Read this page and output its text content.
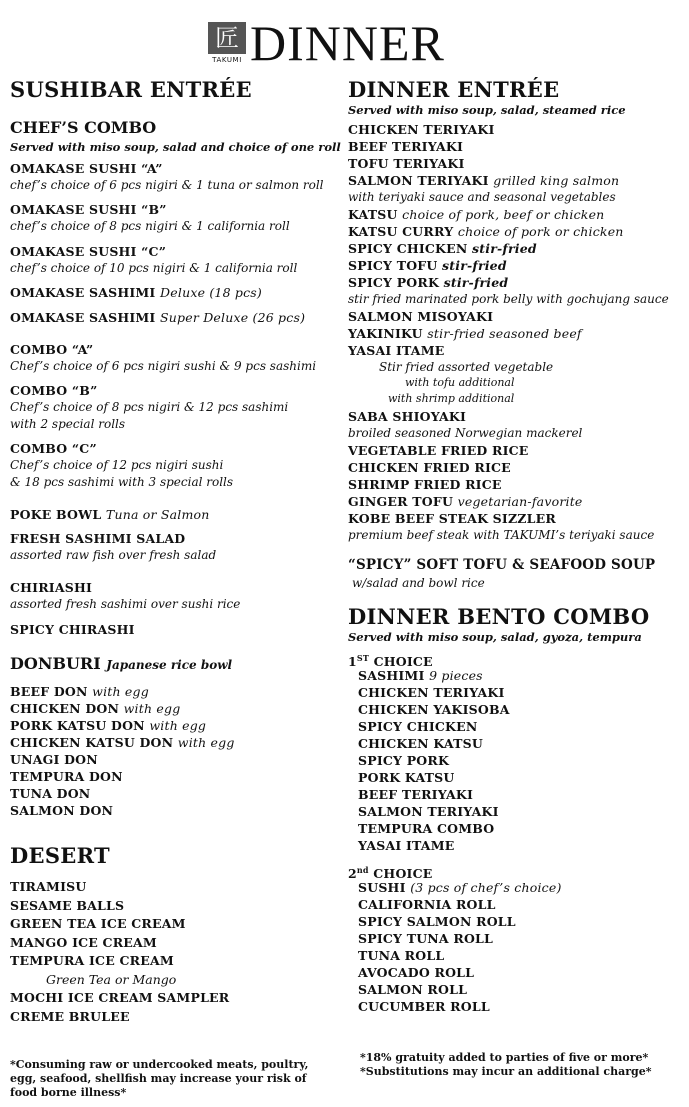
匠
TAKUMI DINNER
SUSHIBAR ENTRÉE
CHEF’S COMBO
Served with miso soup, salad and choice of one roll
OMAKASE SUSHI “A”
chef’s choice of 6 pcs nigiri & 1 tuna or salmon roll
OMAKASE SUSHI “B”
chef’s choice of 8 pcs nigiri & 1 california roll
OMAKASE SUSHI “C”
chef’s choice of 10 pcs nigiri & 1 california roll
OMAKASE SASHIMI Deluxe (18 pcs)
OMAKASE SASHIMI Super Deluxe (26 pcs)
COMBO “A”
Chef’s choice of 6 pcs nigiri sushi & 9 pcs sashimi
COMBO “B”
Chef’s choice of 8 pcs nigiri & 12 pcs sashimi
with 2 special rolls
COMBO “C”
Chef’s choice of 12 pcs nigiri sushi
& 18 pcs sashimi with 3 special rolls
POKE BOWL Tuna or Salmon
FRESH SASHIMI SALAD
assorted raw fish over fresh salad
CHIRIASHI
assorted fresh sashimi over sushi rice
SPICY CHIRASHI
DONBURI Japanese rice bowl
BEEF DON with egg
CHICKEN DON with egg
PORK KATSU DON with egg
CHICKEN KATSU DON with egg
UNAGI DON
TEMPURA DON
TUNA DON
SALMON DON
DESERT
TIRAMISU
SESAME BALLS
GREEN TEA ICE CREAM
MANGO ICE CREAM
TEMPURA ICE CREAM
Green Tea or Mango
MOCHI ICE CREAM SAMPLER
CREME BRULEE
*Consuming raw or undercooked meats, poultry,
egg, seafood, shellfish may increase your risk of
food borne illness*
DINNER ENTRÉE
Served with miso soup, salad, steamed rice
CHICKEN TERIYAKI
BEEF TERIYAKI
TOFU TERIYAKI
SALMON TERIYAKI grilled king salmon
with teriyaki sauce and seasonal vegetables
KATSU choice of pork, beef or chicken
KATSU CURRY choice of pork or chicken
SPICY CHICKEN stir-fried
SPICY TOFU stir-fried
SPICY PORK stir-fried
stir fried marinated pork belly with gochujang sauce
SALMON MISOYAKI
YAKINIKU stir-fried seasoned beef
YASAI ITAME
Stir fried assorted vegetable
with tofu additional
with shrimp additional
SABA SHIOYAKI
broiled seasoned Norwegian mackerel
VEGETABLE FRIED RICE
CHICKEN FRIED RICE
SHRIMP FRIED RICE
GINGER TOFU vegetarian-favorite
KOBE BEEF STEAK SIZZLER
premium beef steak with TAKUMI’s teriyaki sauce
“SPICY” SOFT TOFU & SEAFOOD SOUP
w/salad and bowl rice
DINNER BENTO COMBO
Served with miso soup, salad, gyoza, tempura
1ST CHOICE
SASHIMI 9 pieces
CHICKEN TERIYAKI
CHICKEN YAKISOBA
SPICY CHICKEN
CHICKEN KATSU
SPICY PORK
PORK KATSU
BEEF TERIYAKI
SALMON TERIYAKI
TEMPURA COMBO
YASAI ITAME
2nd CHOICE
SUSHI (3 pcs of chef’s choice)
CALIFORNIA ROLL
SPICY SALMON ROLL
SPICY TUNA ROLL
TUNA ROLL
AVOCADO ROLL
SALMON ROLL
CUCUMBER ROLL
*18% gratuity added to parties of five or more*
*Substitutions may incur an additional charge*
